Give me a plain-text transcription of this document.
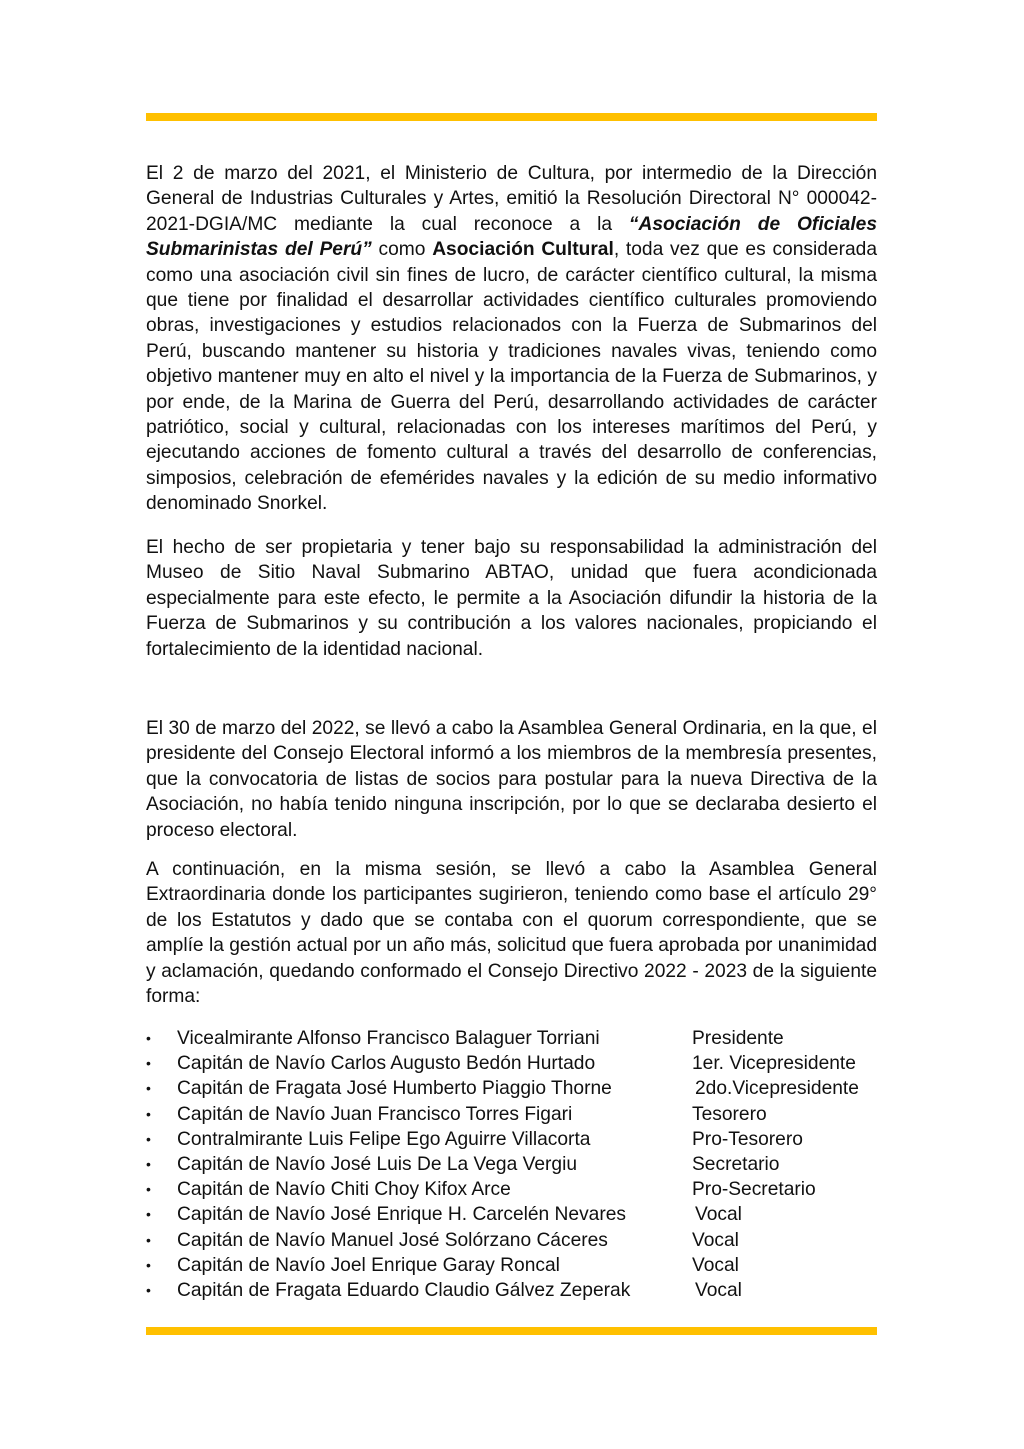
El 2 de marzo del 2021, el Ministerio de Cultura, por intermedio de la Dirección General de Industrias Culturales y Artes, emitió la Resolución Directoral N° 000042-2021-DGIA/MC mediante la cual reconoce a la “Asociación de Oficiales Submarinistas del Perú” como Asociación Cultural, toda vez que es considerada como una asociación civil sin fines de lucro, de carácter científico cultural, la misma que tiene por finalidad el desarrollar actividades científico culturales promoviendo obras, investigaciones y estudios relacionados con la Fuerza de Submarinos del Perú, buscando mantener su historia y tradiciones navales vivas, teniendo como objetivo mantener muy en alto el nivel y la importancia de la Fuerza de Submarinos, y por ende, de la Marina de Guerra del Perú, desarrollando actividades de carácter patriótico, social y cultural, relacionadas con los intereses marítimos del Perú, y ejecutando acciones de fomento cultural a través del desarrollo de conferencias, simposios, celebración de efemérides navales y la edición de su medio informativo denominado Snorkel.

El hecho de ser propietaria y tener bajo su responsabilidad la administración del Museo de Sitio Naval Submarino ABTAO, unidad que fuera acondicionada especialmente para este efecto, le permite a la Asociación difundir la historia de la Fuerza de Submarinos y su contribución a los valores nacionales, propiciando el fortalecimiento de la identidad nacional.

El 30 de marzo del 2022, se llevó a cabo la Asamblea General Ordinaria, en la que, el presidente del Consejo Electoral informó a los miembros de la membresía presentes, que la convocatoria de listas de socios para postular para la nueva Directiva de la Asociación, no había tenido ninguna inscripción, por lo que se declaraba desierto el proceso electoral.

A continuación, en la misma sesión, se llevó a cabo la Asamblea General Extraordinaria donde los participantes sugirieron, teniendo como base el artículo 29° de los Estatutos y dado que se contaba con el quorum correspondiente, que se amplíe la gestión actual por un año más, solicitud que fuera aprobada por unanimidad y aclamación, quedando conformado el Consejo Directivo 2022 - 2023 de la siguiente forma:

•	Vicealmirante Alfonso Francisco Balaguer Torriani	Presidente
•	Capitán de Navío Carlos Augusto Bedón Hurtado	1er. Vicepresidente
•	Capitán de Fragata José Humberto Piaggio Thorne	2do.Vicepresidente
•	Capitán de Navío Juan Francisco Torres Figari	Tesorero
•	Contralmirante Luis Felipe Ego Aguirre Villacorta	Pro-Tesorero
•	Capitán de Navío José Luis De La Vega Vergiu	Secretario
•	Capitán de Navío Chiti Choy Kifox Arce	Pro-Secretario
•	Capitán de Navío José Enrique H. Carcelén Nevares	Vocal
•	Capitán de Navío Manuel José Solórzano Cáceres	Vocal
•	Capitán de Navío Joel Enrique Garay Roncal	Vocal
•	Capitán de Fragata Eduardo Claudio Gálvez Zeperak	Vocal
